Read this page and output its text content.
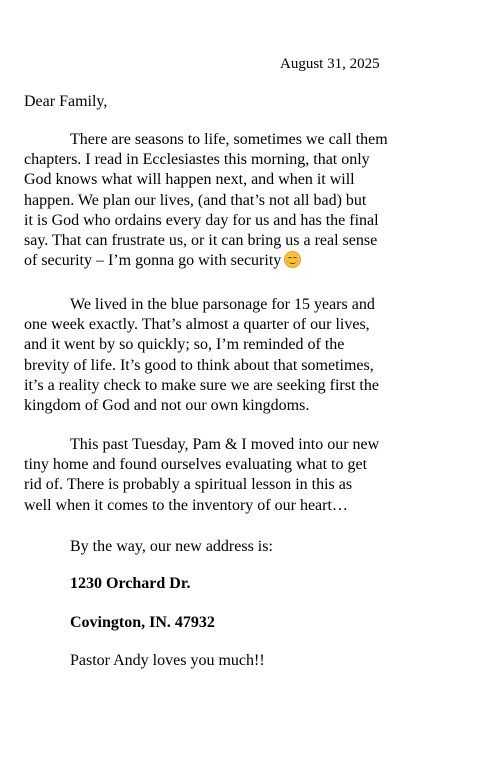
August 31, 2025
Dear Family,
There are seasons to life, sometimes we call them
chapters. I read in Ecclesiastes this morning, that only
God knows what will happen next, and when it will
happen. We plan our lives, (and that’s not all bad) but
it is God who ordains every day for us and has the final
say. That can frustrate us, or it can bring us a real sense
of security – I’m gonna go with security
We lived in the blue parsonage for 15 years and
one week exactly. That’s almost a quarter of our lives,
and it went by so quickly; so, I’m reminded of the
brevity of life. It’s good to think about that sometimes,
it’s a reality check to make sure we are seeking first the
kingdom of God and not our own kingdoms.
This past Tuesday, Pam & I moved into our new
tiny home and found ourselves evaluating what to get
rid of. There is probably a spiritual lesson in this as
well when it comes to the inventory of our heart…
By the way, our new address is:
1230 Orchard Dr.
Covington, IN. 47932
Pastor Andy loves you much!!
